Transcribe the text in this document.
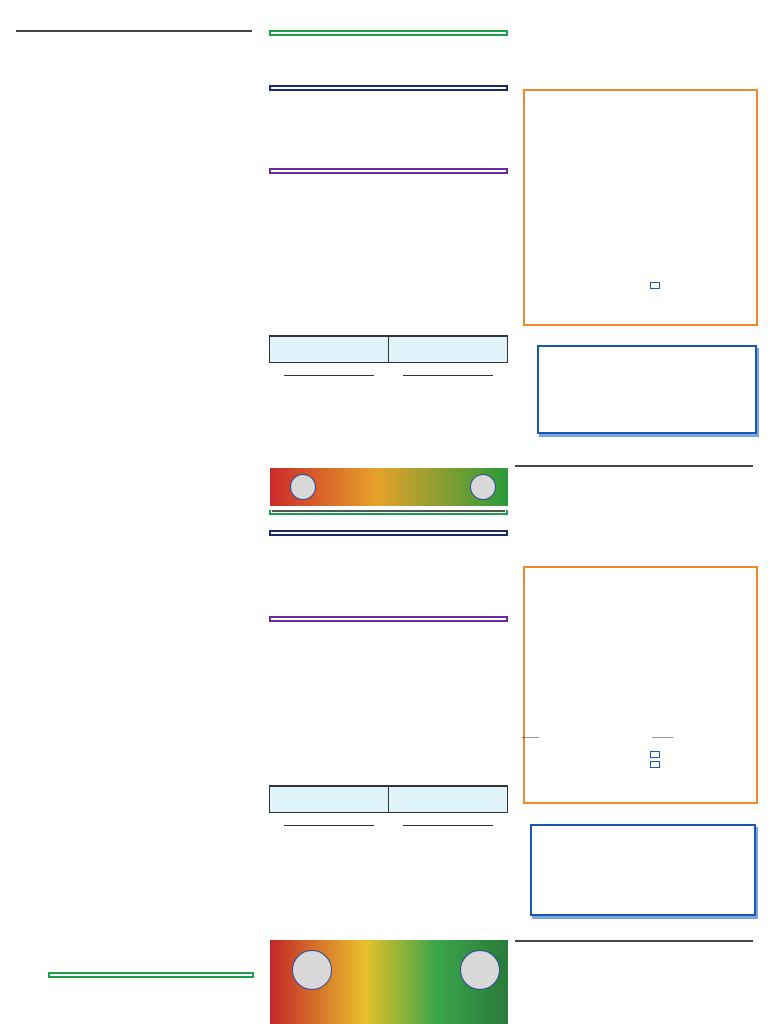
____	_____
